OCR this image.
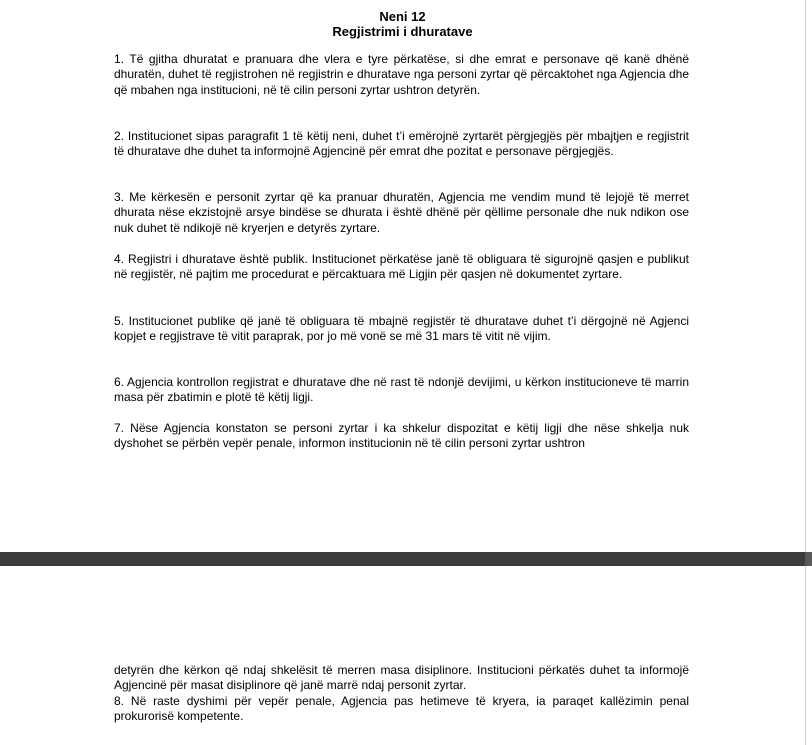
Neni 12
Regjistrimi i dhuratave

1. Të gjitha dhuratat e pranuara dhe vlera e tyre përkatëse, si dhe emrat e personave që kanë dhënë dhuratën, duhet të regjistrohen në regjistrin e dhuratave nga personi zyrtar që përcaktohet nga Agjencia dhe që mbahen nga institucioni, në të cilin personi zyrtar ushtron detyrën.

2. Institucionet sipas paragrafit 1 të këtij neni, duhet t’i emërojnë zyrtarët përgjegjës për mbajtjen e regjistrit të dhuratave dhe duhet ta informojnë Agjencinë për emrat dhe pozitat e personave përgjegjës.

3. Me kërkesën e personit zyrtar që ka pranuar dhuratën, Agjencia me vendim mund të lejojë të merret dhurata nëse ekzistojnë arsye bindëse se dhurata i është dhënë për qëllime personale dhe nuk ndikon ose nuk duhet të ndikojë në kryerjen e detyrës zyrtare.

4. Regjistri i dhuratave është publik. Institucionet përkatëse janë të obliguara të sigurojnë qasjen e publikut në regjistër, në pajtim me procedurat e përcaktuara më Ligjin për qasjen në dokumentet zyrtare.

5. Institucionet publike që janë të obliguara të mbajnë regjistër të dhuratave duhet t’i dërgojnë në Agjenci kopjet e regjistrave të vitit paraprak, por jo më vonë se më 31 mars të vitit në vijim.

6. Agjencia kontrollon regjistrat e dhuratave dhe në rast të ndonjë devijimi, u kërkon institucioneve të marrin masa për zbatimin e plotë të këtij ligji.

7. Nëse Agjencia konstaton se personi zyrtar i ka shkelur dispozitat e këtij ligji dhe nëse shkelja nuk dyshohet se përbën vepër penale, informon institucionin në të cilin personi zyrtar ushtron

detyrën dhe kërkon që ndaj shkelësit të merren masa disiplinore. Institucioni përkatës duhet ta informojë Agjencinë për masat disiplinore që janë marrë ndaj personit zyrtar.

8. Në raste dyshimi për vepër penale, Agjencia pas hetimeve të kryera, ia paraqet kallëzimin penal prokurorisë kompetente.
